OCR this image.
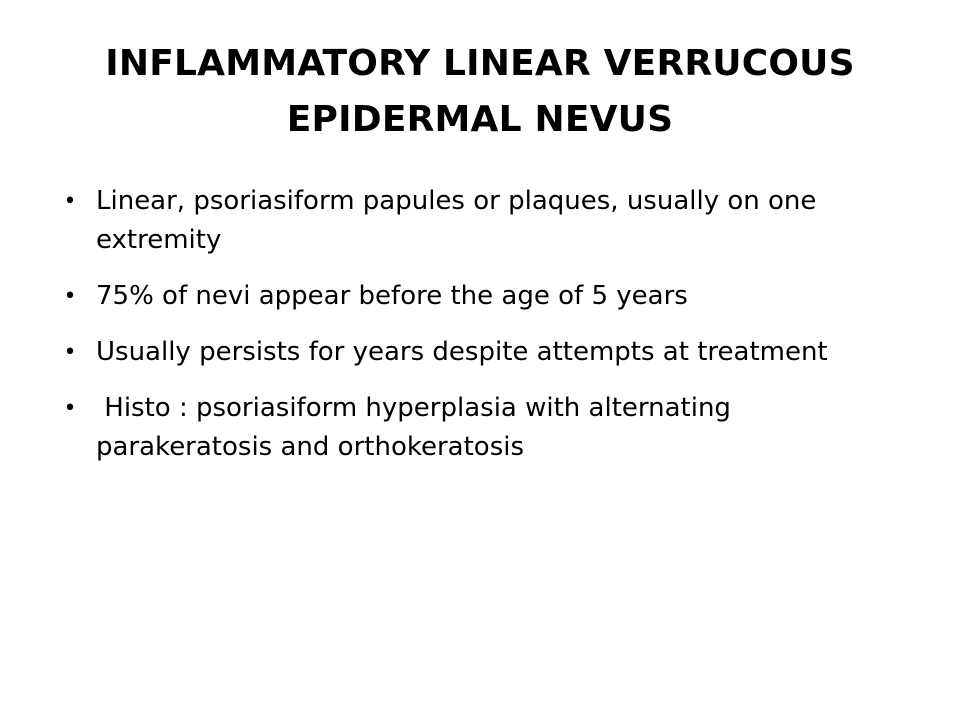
INFLAMMATORY LINEAR VERRUCOUS EPIDERMAL NEVUS
• Linear, psoriasiform papules or plaques, usually on one extremity
• 75% of nevi appear before the age of 5 years
• Usually persists for years despite attempts at treatment
• Histo : psoriasiform hyperplasia with alternating parakeratosis and orthokeratosis
